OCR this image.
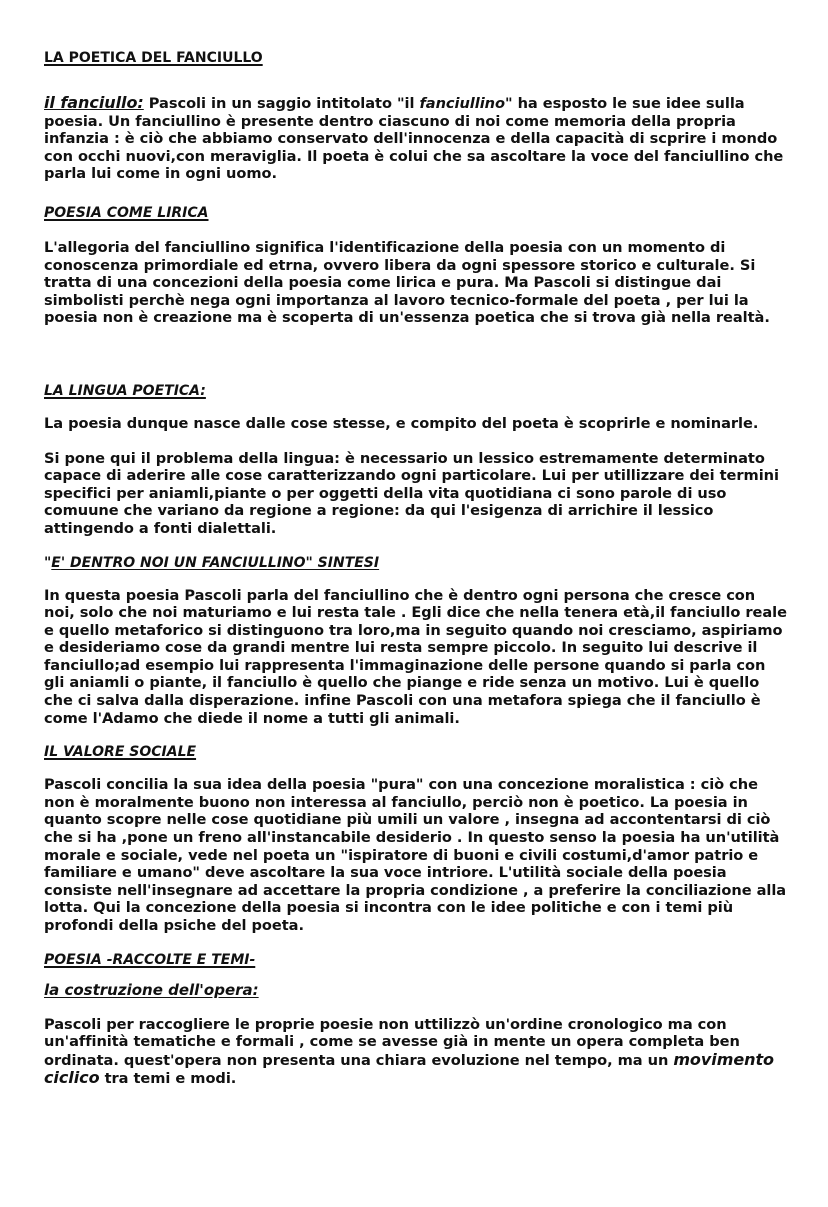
LA POETICA DEL FANCIULLO

il fanciullo: Pascoli in un saggio intitolato "il fanciullino" ha esposto le sue idee sulla poesia. Un fanciullino è presente dentro ciascuno di noi come memoria della propria infanzia : è ciò che abbiamo conservato dell'innocenza e della capacità di scprire i mondo con occhi nuovi,con meraviglia. Il poeta è colui che sa ascoltare la voce del fanciullino che parla lui come in ogni uomo.

POESIA COME LIRICA

L'allegoria del fanciullino significa l'identificazione della poesia con un momento di conoscenza primordiale ed etrna, ovvero libera da ogni spessore storico e culturale. Si tratta di una concezioni della poesia come lirica e pura. Ma Pascoli si distingue dai simbolisti perchè nega ogni importanza al lavoro tecnico-formale del poeta , per lui la poesia non è creazione ma è scoperta di un'essenza poetica che si trova già nella realtà.

LA LINGUA POETICA:

La poesia dunque nasce dalle cose stesse, e compito del poeta è scoprirle e nominarle.

Si pone qui il problema della lingua: è necessario un lessico estremamente determinato capace di aderire alle cose caratterizzando ogni particolare. Lui per utillizzare dei termini specifici per aniamli,piante o per oggetti della vita quotidiana ci sono parole di uso comuune che variano da regione a regione: da qui l'esigenza di arrichire il lessico attingendo a fonti dialettali.

"E' DENTRO NOI UN FANCIULLINO" SINTESI

In questa poesia Pascoli parla del fanciullino che è dentro ogni persona che cresce con noi, solo che noi maturiamo e lui resta tale . Egli dice che nella tenera età,il fanciullo reale e quello metaforico si distinguono tra loro,ma in seguito quando noi cresciamo, aspiriamo e desideriamo cose da grandi mentre lui resta sempre piccolo. In seguito lui descrive il fanciullo;ad esempio lui rappresenta l'immaginazione delle persone quando si parla con gli aniamli o piante, il fanciullo è quello che piange e ride senza un motivo. Lui è quello che ci salva dalla disperazione. infine Pascoli con una metafora spiega che il fanciullo è come l'Adamo che diede il nome a tutti gli animali.

IL VALORE SOCIALE

Pascoli concilia la sua idea della poesia "pura" con una concezione moralistica : ciò che non è moralmente buono non interessa al fanciullo, perciò non è poetico. La poesia in quanto scopre nelle cose quotidiane più umili un valore , insegna ad accontentarsi di ciò che si ha ,pone un freno all'instancabile desiderio . In questo senso la poesia ha un'utilità morale e sociale, vede nel poeta un "ispiratore di buoni e civili costumi,d'amor patrio e familiare e umano" deve ascoltare la sua voce intriore. L'utilità sociale della poesia consiste nell'insegnare ad accettare la propria condizione , a preferire la conciliazione alla lotta. Qui la concezione della poesia si incontra con le idee politiche e con i temi più profondi della psiche del poeta.

POESIA -RACCOLTE E TEMI-
la costruzione dell'opera:

Pascoli per raccogliere le proprie poesie non uttilizzò un'ordine cronologico ma con un'affinità tematiche e formali , come se avesse già in mente un opera completa ben ordinata. quest'opera non presenta una chiara evoluzione nel tempo, ma un movimento ciclico tra temi e modi.
